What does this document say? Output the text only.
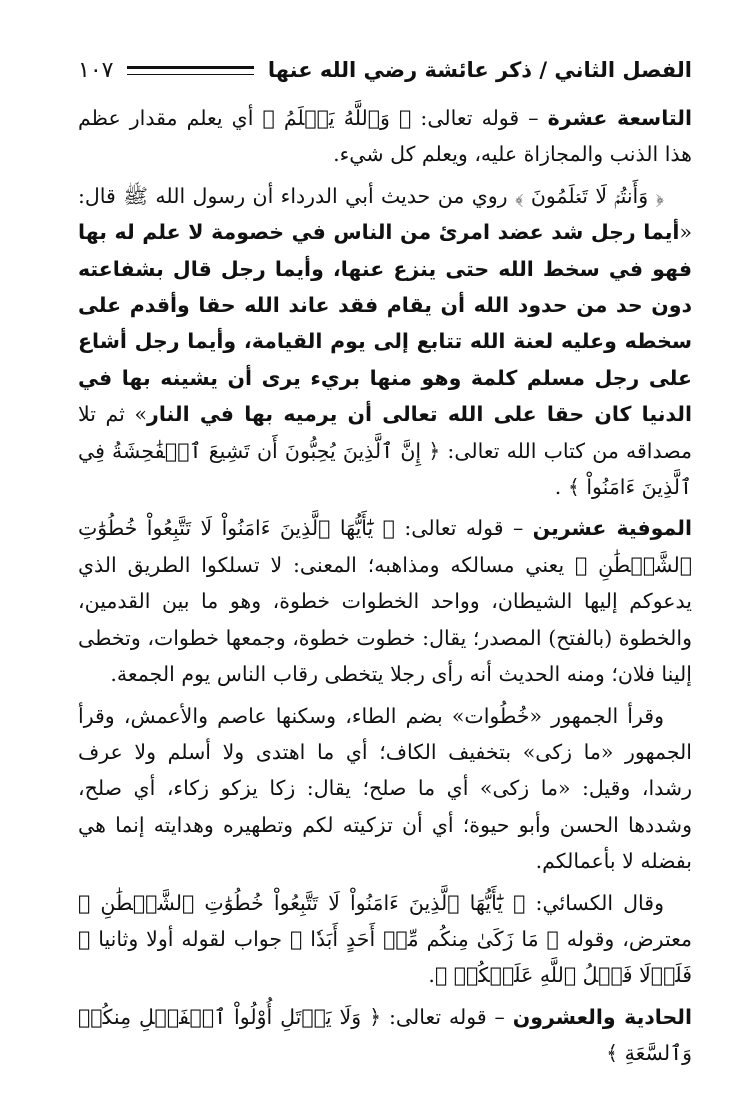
الفصل الثاني / ذكر عائشة رضي الله عنها
١٠٧

التاسعة عشرة – قوله تعالى: ﴿ وَٱللَّهُ يَعۡلَمُ ﴾ أي يعلم مقدار عظم هذا الذنب والمجازاة عليه، ويعلم كل شيء.

﴿ وَأَنتُمۡ لَا تَعۡلَمُونَ ﴾ روي من حديث أبي الدرداء أن رسول الله ﷺ قال: «أيما رجل شد عضد امرئ من الناس في خصومة لا علم له بها فهو في سخط الله حتى ينزع عنها، وأيما رجل قال بشفاعته دون حد من حدود الله أن يقام فقد عاند الله حقا وأقدم على سخطه وعليه لعنة الله تتابع إلى يوم القيامة، وأيما رجل أشاع على رجل مسلم كلمة وهو منها بريء يرى أن يشينه بها في الدنيا كان حقا على الله تعالى أن يرميه بها في النار» ثم تلا مصداقه من كتاب الله تعالى: ﴿ إِنَّ ٱلَّذِينَ يُحِبُّونَ أَن تَشِيعَ ٱلۡفَٰحِشَةُ فِي ٱلَّذِينَ ءَامَنُواْ ﴾ .

الموفية عشرين – قوله تعالى: ﴿ يَٰٓأَيُّهَا ٱلَّذِينَ ءَامَنُواْ لَا تَتَّبِعُواْ خُطُوَٰتِ ٱلشَّيۡطَٰنِ ﴾ يعني مسالكه ومذاهبه؛ المعنى: لا تسلكوا الطريق الذي يدعوكم إليها الشيطان، وواحد الخطوات خطوة، وهو ما بين القدمين، والخطوة (بالفتح) المصدر؛ يقال: خطوت خطوة، وجمعها خطوات، وتخطى إلينا فلان؛ ومنه الحديث أنه رأى رجلا يتخطى رقاب الناس يوم الجمعة.

وقرأ الجمهور «خُطُوات» بضم الطاء، وسكنها عاصم والأعمش، وقرأ الجمهور «ما زكى» بتخفيف الكاف؛ أي ما اهتدى ولا أسلم ولا عرف رشدا، وقيل: «ما زكى» أي ما صلح؛ يقال: زكا يزكو زكاء، أي صلح، وشددها الحسن وأبو حيوة؛ أي أن تزكيته لكم وتطهيره وهدايته إنما هي بفضله لا بأعمالكم.

وقال الكسائي: ﴿ يَٰٓأَيُّهَا ٱلَّذِينَ ءَامَنُواْ لَا تَتَّبِعُواْ خُطُوَٰتِ ٱلشَّيۡطَٰنِ ﴾ معترض، وقوله ﴿ مَا زَكَىٰ مِنكُم مِّنۡ أَحَدٍ أَبَدٗا ﴾ جواب لقوله أولا وثانيا ﴿ فَلَوۡلَا فَضۡلُ ٱللَّهِ عَلَيۡكُمۡ ﴾.

الحادية والعشرون – قوله تعالى: ﴿ وَلَا يَأۡتَلِ أُوْلُواْ ٱلۡفَضۡلِ مِنكُمۡ وَٱلسَّعَةِ ﴾
